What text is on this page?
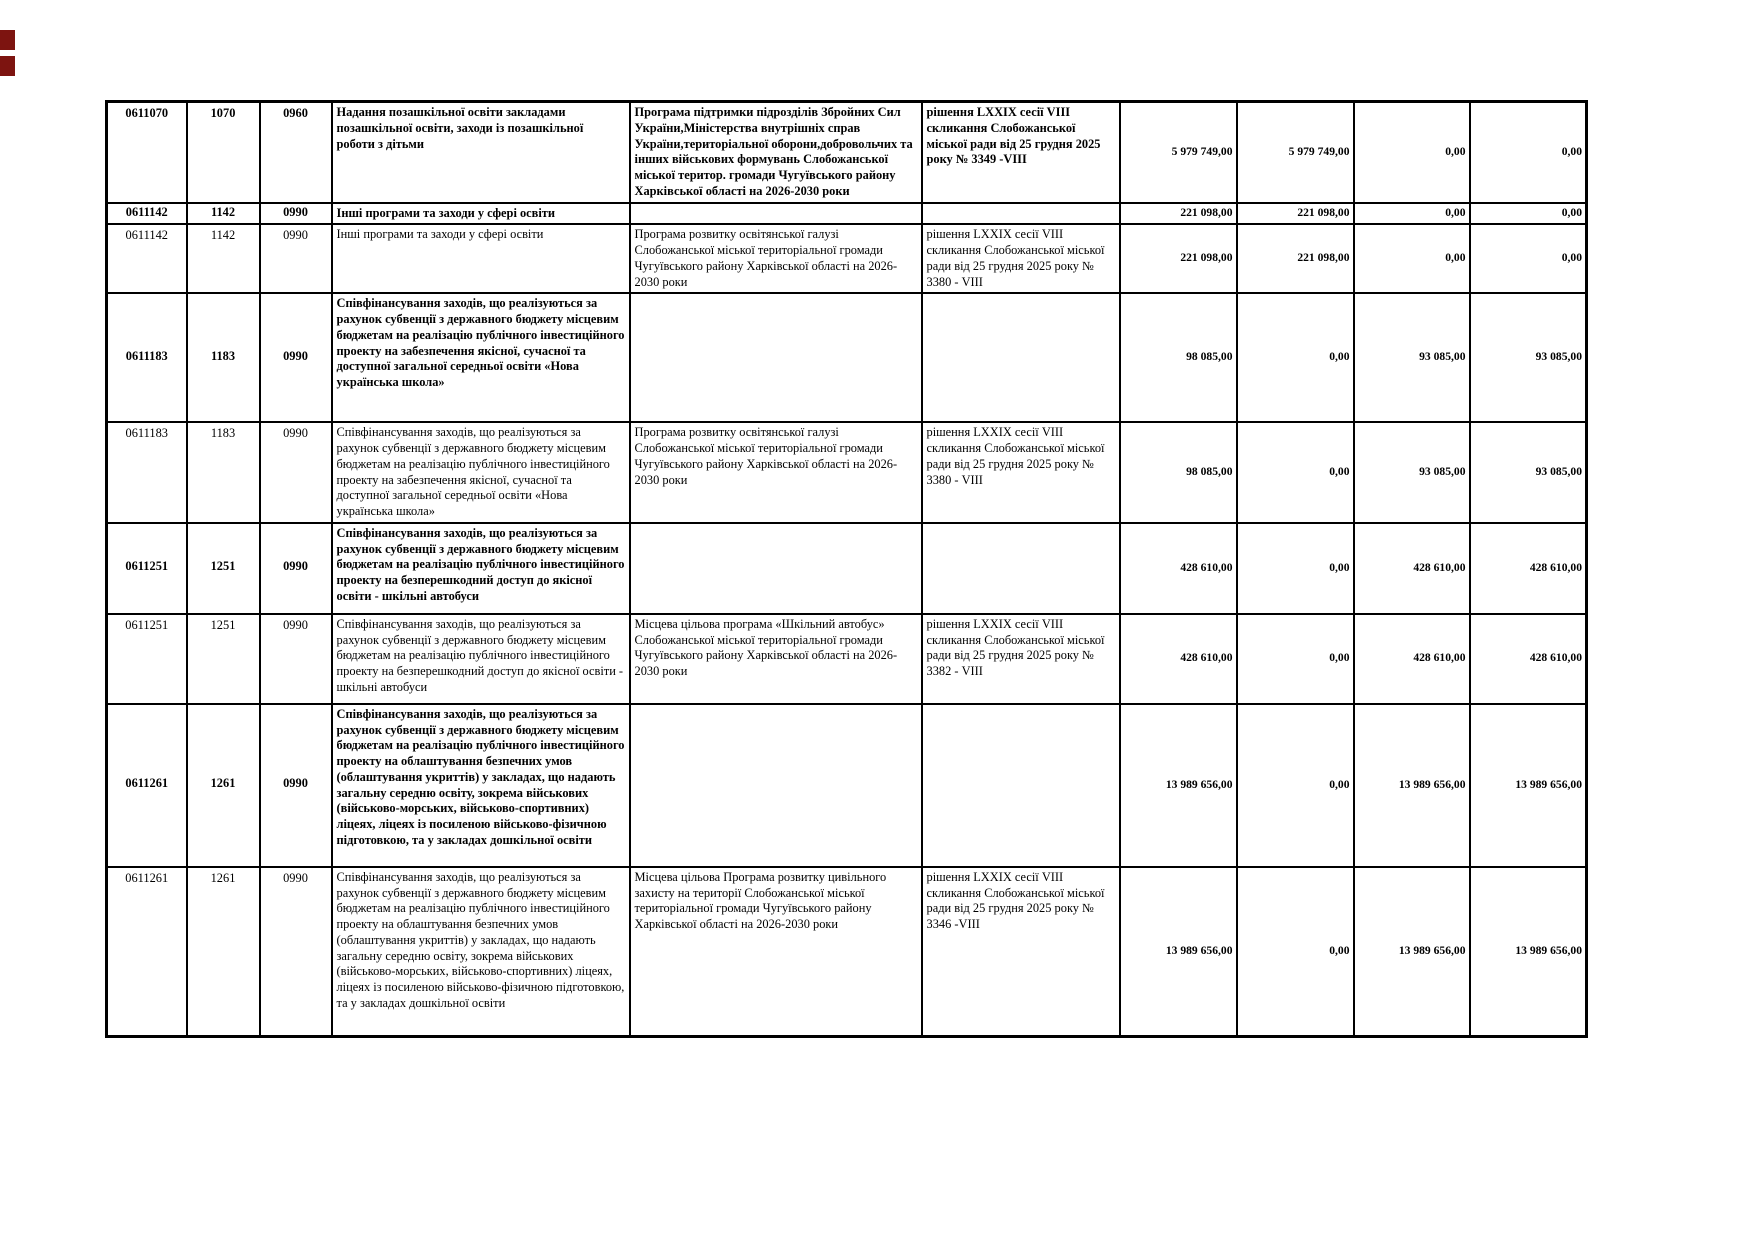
0611070	1070	0960	Надання позашкільної освіти закладами позашкільної освіти, заходи із позашкільної роботи з дітьми	Програма підтримки підрозділів Збройних Сил України,Міністерства внутрішніх справ України,територіальної оборони,добровольчих та інших військових формувань Слобожанської міської територ. громади Чугуївського району Харківської області на 2026-2030 роки	рішення LXXIX сесії VIII скликання Слобожанської міської ради від 25 грудня 2025 року № 3349 -VIII	5 979 749,00	5 979 749,00	0,00	0,00
0611142	1142	0990	Інші програми та заходи у сфері освіти			221 098,00	221 098,00	0,00	0,00
0611142	1142	0990	Інші програми та заходи у сфері освіти	Програма розвитку освітянської галузі Слобожанської міської територіальної громади Чугуївського району Харківської області на 2026-2030 роки	рішення LXXIX сесії VIII скликання Слобожанської міської ради від 25 грудня 2025 року № 3380 - VIII	221 098,00	221 098,00	0,00	0,00
0611183	1183	0990	Співфінансування заходів, що реалізуються за рахунок субвенції з державного бюджету місцевим бюджетам на реалізацію публічного інвестиційного проекту на забезпечення якісної, сучасної та доступної загальної середньої освіти «Нова українська школа»			98 085,00	0,00	93 085,00	93 085,00
0611183	1183	0990	Співфінансування заходів, що реалізуються за рахунок субвенції з державного бюджету місцевим бюджетам на реалізацію публічного інвестиційного проекту на забезпечення якісної, сучасної та доступної загальної середньої освіти «Нова українська школа»	Програма розвитку освітянської галузі Слобожанської міської територіальної громади Чугуївського району Харківської області на 2026-2030 роки	рішення LXXIX сесії VIII скликання Слобожанської міської ради від 25 грудня 2025 року № 3380 - VIII	98 085,00	0,00	93 085,00	93 085,00
0611251	1251	0990	Співфінансування заходів, що реалізуються за рахунок субвенції з державного бюджету місцевим бюджетам на реалізацію публічного інвестиційного проекту на безперешкодний доступ до якісної освіти - шкільні автобуси			428 610,00	0,00	428 610,00	428 610,00
0611251	1251	0990	Співфінансування заходів, що реалізуються за рахунок субвенції з державного бюджету місцевим бюджетам на реалізацію публічного інвестиційного проекту на безперешкодний доступ до якісної освіти - шкільні автобуси	Місцева цільова програма «Шкільний автобус» Слобожанської міської територіальної громади Чугуївського району Харківської області на 2026-2030 роки	рішення LXXIX сесії VIII скликання Слобожанської міської ради від 25 грудня 2025 року № 3382 - VIII	428 610,00	0,00	428 610,00	428 610,00
0611261	1261	0990	Співфінансування заходів, що реалізуються за рахунок субвенції з державного бюджету місцевим бюджетам на реалізацію публічного інвестиційного проекту на облаштування безпечних умов (облаштування укриттів) у закладах, що надають загальну середню освіту, зокрема військових (військово-морських, військово-спортивних) ліцеях, ліцеях із посиленою військово-фізичною підготовкою, та у закладах дошкільної освіти			13 989 656,00	0,00	13 989 656,00	13 989 656,00
0611261	1261	0990	Співфінансування заходів, що реалізуються за рахунок субвенції з державного бюджету місцевим бюджетам на реалізацію публічного інвестиційного проекту на облаштування безпечних умов (облаштування укриттів) у закладах, що надають загальну середню освіту, зокрема військових (військово-морських, військово-спортивних) ліцеях, ліцеях із посиленою військово-фізичною підготовкою, та у закладах дошкільної освіти	Місцева цільова Програма розвитку цивільного захисту на території Слобожанської міської територіальної громади Чугуївського району Харківської області на 2026-2030 роки	рішення LXXIX сесії VIII скликання Слобожанської міської ради від 25 грудня 2025 року № 3346 -VIII	13 989 656,00	0,00	13 989 656,00	13 989 656,00
